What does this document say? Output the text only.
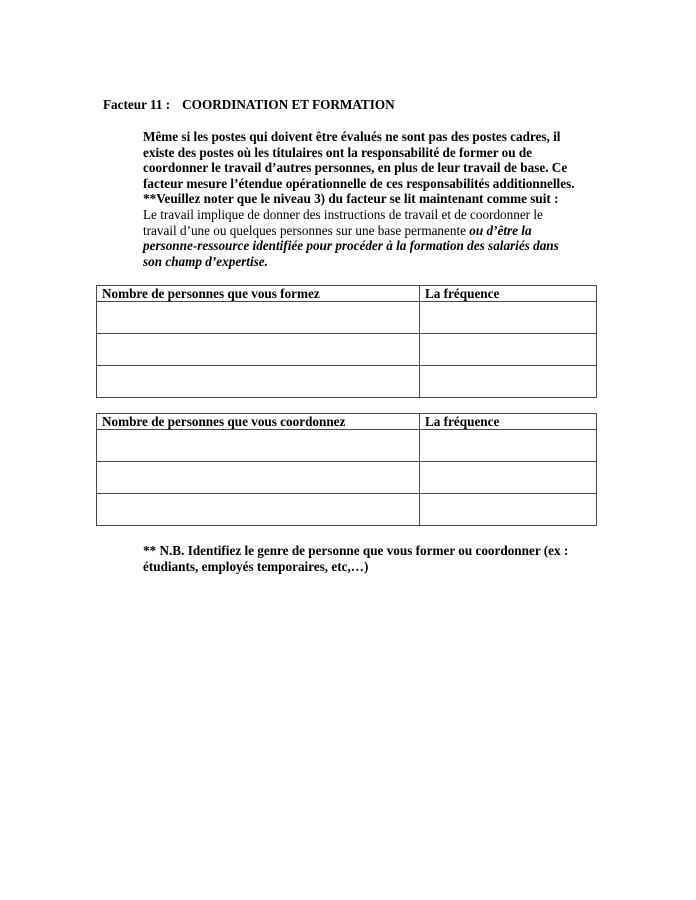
Facteur 11 : COORDINATION ET FORMATION
Même si les postes qui doivent être évalués ne sont pas des postes cadres, il
existe des postes où les titulaires ont la responsabilité de former ou de
coordonner le travail d’autres personnes, en plus de leur travail de base. Ce
facteur mesure l’étendue opérationnelle de ces responsabilités additionnelles.
**Veuillez noter que le niveau 3) du facteur se lit maintenant comme suit :
Le travail implique de donner des instructions de travail et de coordonner le
travail d’une ou quelques personnes sur une base permanente ou d’être la
personne-ressource identifiée pour procéder à la formation des salariés dans
son champ d’expertise.
Nombre de personnes que vous formez	La fréquence

Nombre de personnes que vous coordonnez	La fréquence

** N.B. Identifiez le genre de personne que vous former ou coordonner (ex :
étudiants, employés temporaires, etc,…)
